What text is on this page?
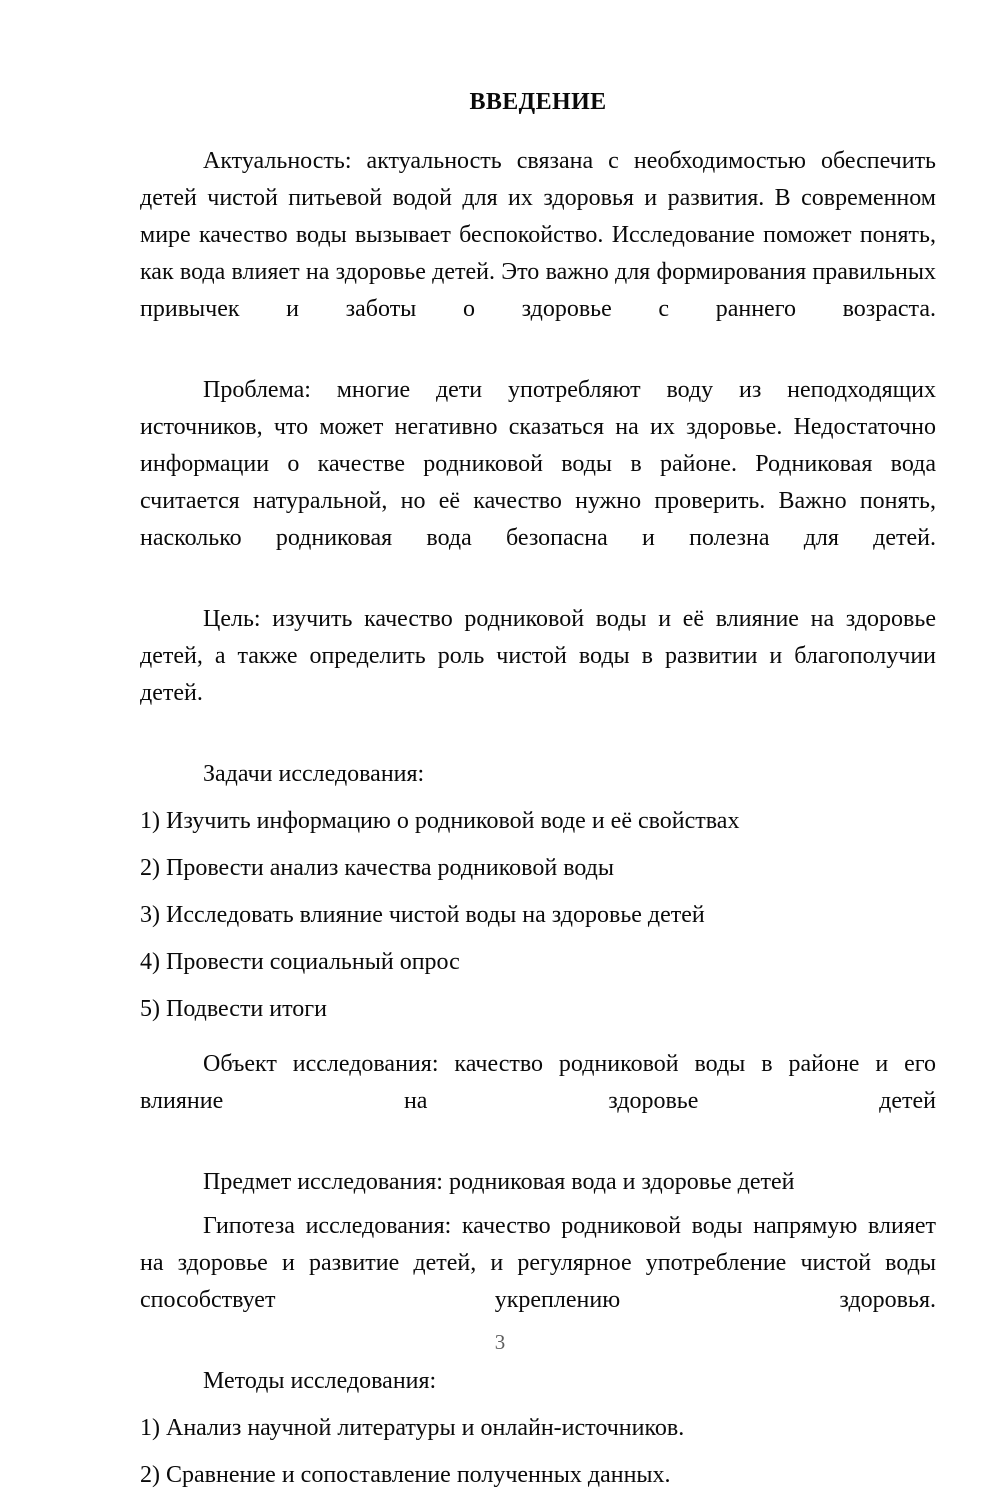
ВВЕДЕНИЕ

Актуальность: актуальность связана с необходимостью обеспечить детей чистой питьевой водой для их здоровья и развития. В современном мире качество воды вызывает беспокойство. Исследование поможет понять, как вода влияет на здоровье детей. Это важно для формирования правильных привычек и заботы о здоровье с раннего возраста.

Проблема: многие дети употребляют воду из неподходящих источников, что может негативно сказаться на их здоровье. Недостаточно информации о качестве родниковой воды в районе. Родниковая вода считается натуральной, но её качество нужно проверить. Важно понять, насколько родниковая вода безопасна и полезна для детей.

Цель: изучить качество родниковой воды и её влияние на здоровье детей, а также определить роль чистой воды в развитии и благополучии детей.

Задачи исследования:

1) Изучить информацию о родниковой воде и её свойствах
2) Провести анализ качества родниковой воды
3) Исследовать влияние чистой воды на здоровье детей
4) Провести социальный опрос
5) Подвести итоги

Объект исследования: качество родниковой воды в районе и его влияние на здоровье детей

Предмет исследования: родниковая вода и здоровье детей

Гипотеза исследования: качество родниковой воды напрямую влияет на здоровье и развитие детей, и регулярное употребление чистой воды способствует укреплению здоровья.

Методы исследования:

1) Анализ научной литературы и онлайн-источников.
2) Сравнение и сопоставление полученных данных.
3
